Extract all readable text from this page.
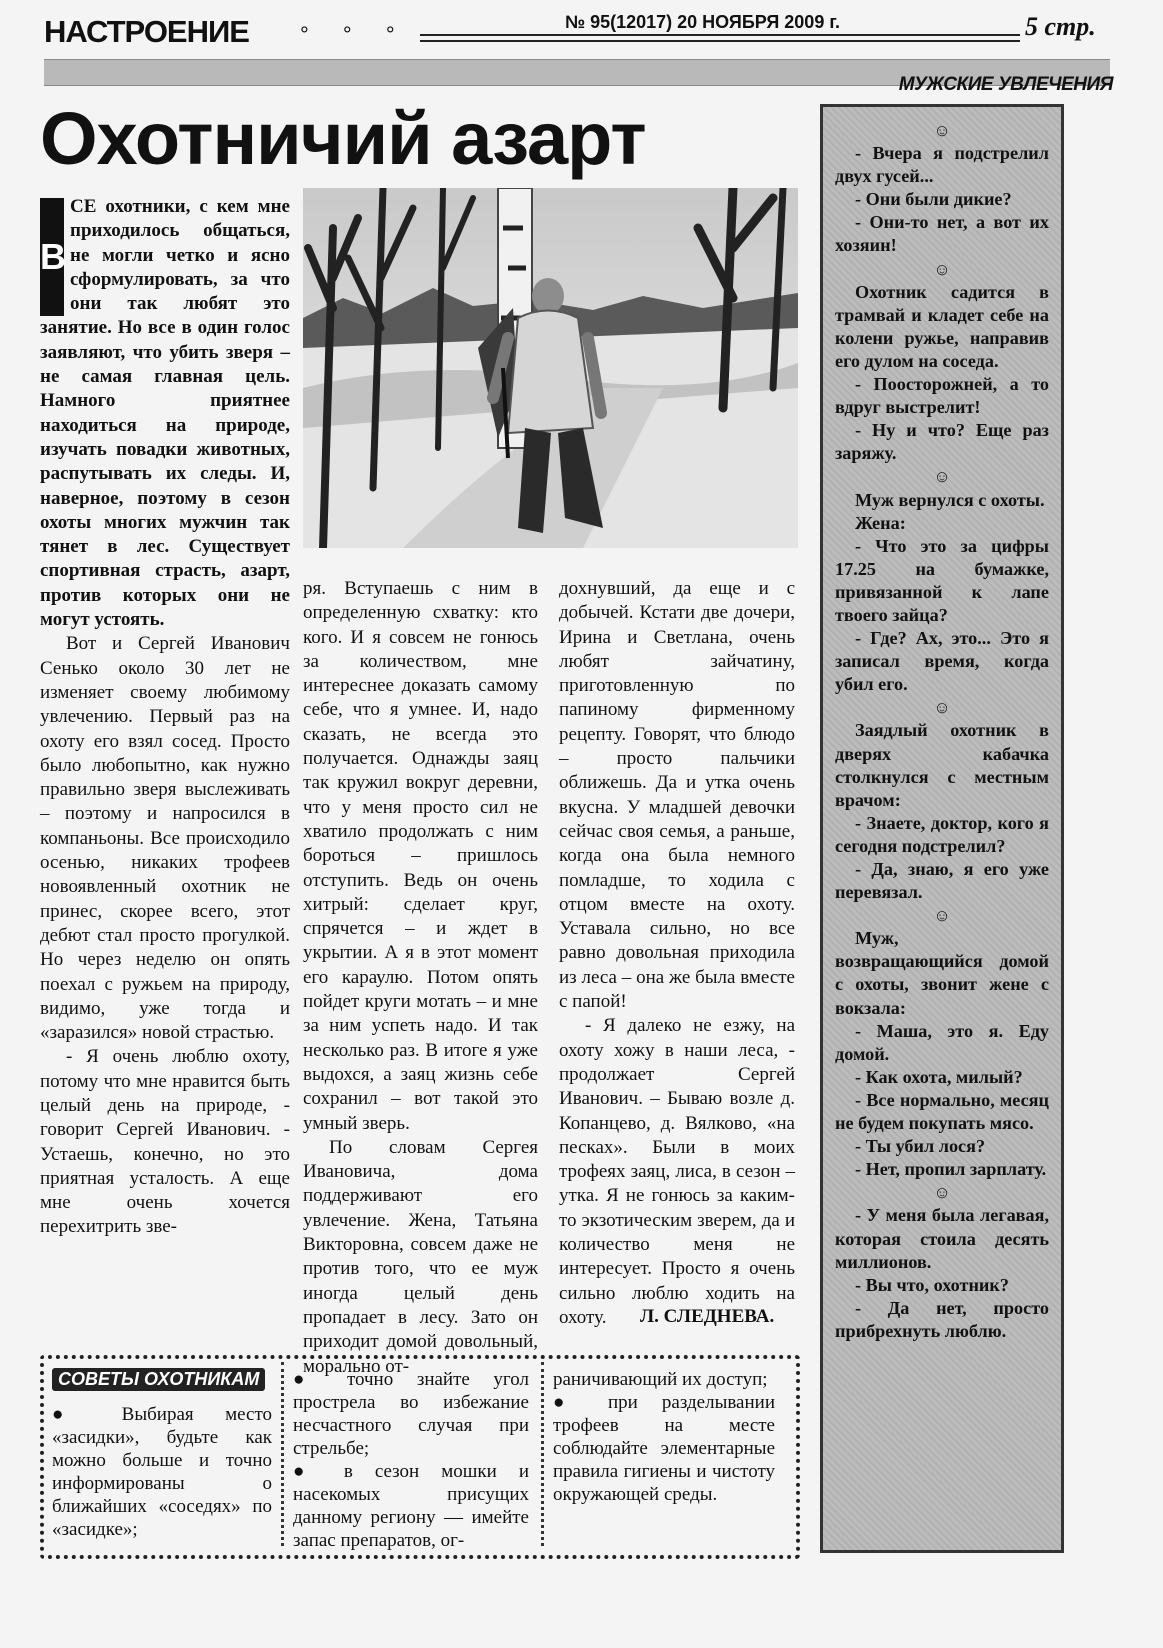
НАСТРОЕНИЕ ° ° °	№ 95(12017) 20 НОЯБРЯ 2009 г.	5 стр.
МУЖСКИЕ УВЛЕЧЕНИЯ
Охотничий азарт
В

СЕ охотники, с кем мне приходилось общаться, не могли четко и ясно сформулировать, за что они так любят это занятие. Но все в один голос заявляют, что убить зверя – не самая главная цель. Намного приятнее находиться на природе, изучать повадки животных, распутывать их следы. И, наверное, поэтому в сезон охоты многих мужчин так тянет в лес. Существует спортивная страсть, азарт, против которых они не могут устоять.

Вот и Сергей Иванович Сенько около 30 лет не изменяет своему любимому увлечению. Первый раз на охоту его взял сосед. Просто было любопытно, как нужно правильно зверя выслеживать – поэтому и напросился в компаньоны. Все происходило осенью, никаких трофеев новоявленный охотник не принес, скорее всего, этот дебют стал просто прогулкой. Но через неделю он опять поехал с ружьем на природу, видимо, уже тогда и «заразился» новой страстью.

- Я очень люблю охоту, потому что мне нравится быть целый день на природе, - говорит Сергей Иванович. - Устаешь, конечно, но это приятная усталость. А еще мне очень хочется перехитрить зве-

ря. Вступаешь с ним в определенную схватку: кто кого. И я совсем не гонюсь за количеством, мне интереснее доказать самому себе, что я умнее. И, надо сказать, не всегда это получается. Однажды заяц так кружил вокруг деревни, что у меня просто сил не хватило продолжать с ним бороться – пришлось отступить. Ведь он очень хитрый: сделает круг, спрячется – и ждет в укрытии. А я в этот момент его караулю. Потом опять пойдет круги мотать – и мне за ним успеть надо. И так несколько раз. В итоге я уже выдохся, а заяц жизнь себе сохранил – вот такой это умный зверь.

По словам Сергея Ивановича, дома поддерживают его увлечение. Жена, Татьяна Викторовна, совсем даже не против того, что ее муж иногда целый день пропадает в лесу. Зато он приходит домой довольный, морально от-

дохнувший, да еще и с добычей. Кстати две дочери, Ирина и Светлана, очень любят зайчатину, приготовленную по папиному фирменному рецепту. Говорят, что блюдо – просто пальчики оближешь. Да и утка очень вкусна. У младшей девочки сейчас своя семья, а раньше, когда она была немного помладше, то ходила с отцом вместе на охоту. Уставала сильно, но все равно довольная приходила из леса – она же была вместе с папой!

- Я далеко не езжу, на охоту хожу в наши леса, - продолжает Сергей Иванович. – Бываю возле д. Копанцево, д. Вялково, «на песках». Были в моих трофеях заяц, лиса, в сезон – утка. Я не гонюсь за каким-то экзотическим зверем, да и количество меня не интересует. Просто я очень сильно люблю ходить на охоту.	Л. СЛЕДНЕВА.

☺

- Вчера я подстрелил двух гусей...

- Они были дикие?

- Они-то нет, а вот их хозяин!

☺

Охотник садится в трамвай и кладет себе на колени ружье, направив его дулом на соседа.

- Поосторожней, а то вдруг выстрелит!

- Ну и что? Еще раз заряжу.

☺

Муж вернулся с охоты.

Жена:

- Что это за цифры 17.25 на бумажке, привязанной к лапе твоего зайца?

- Где? Ах, это... Это я записал время, когда убил его.

☺

Заядлый охотник в дверях кабачка столкнулся с местным врачом:

- Знаете, доктор, кого я сегодня подстрелил?

- Да, знаю, я его уже перевязал.

☺

Муж, возвращающийся домой с охоты, звонит жене с вокзала:

- Маша, это я. Еду домой.

- Как охота, милый?

- Все нормально, месяц не будем покупать мясо.

- Ты убил лося?

- Нет, пропил зарплату.

☺

- У меня была легавая, которая стоила десять миллионов.

- Вы что, охотник?

- Да нет, просто прибрехнуть люблю.

СОВЕТЫ ОХОТНИКАМ

● Выбирая место «засидки», будьте как можно больше и точно информированы о ближайших «соседях» по «засидке»;

● точно знайте угол прострела во избежание несчастного случая при стрельбе;

● в сезон мошки и насекомых присущих данному региону — имейте запас препаратов, ог-

раничивающий их доступ;

● при разделывании трофеев на месте соблюдайте элементарные правила гигиены и чистоту окружающей среды.
